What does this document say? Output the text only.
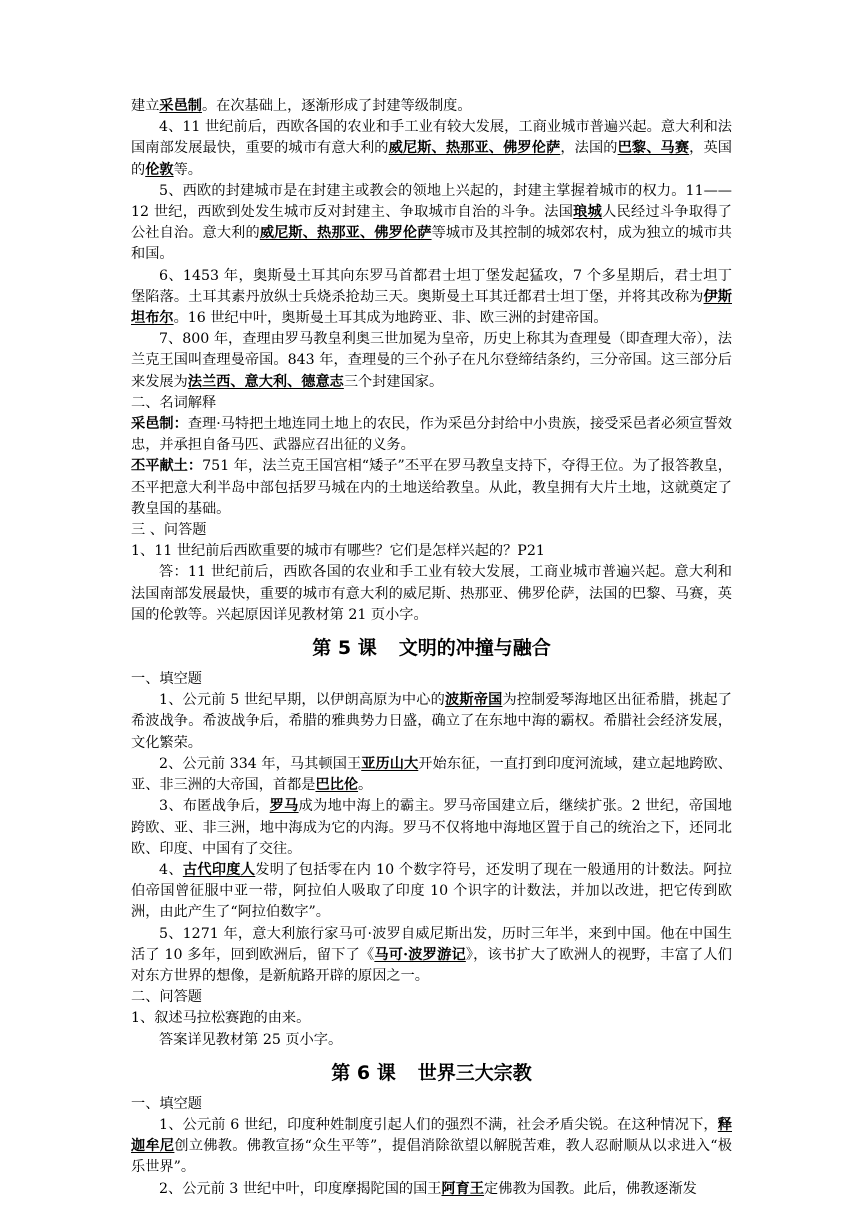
建立采邑制。在次基础上，逐渐形成了封建等级制度。

4、11 世纪前后，西欧各国的农业和手工业有较大发展，工商业城市普遍兴起。意大利和法国南部发展最快，重要的城市有意大利的威尼斯、热那亚、佛罗伦萨，法国的巴黎、马赛，英国的伦敦等。

5、西欧的封建城市是在封建主或教会的领地上兴起的，封建主掌握着城市的权力。11——12 世纪，西欧到处发生城市反对封建主、争取城市自治的斗争。法国琅城人民经过斗争取得了公社自治。意大利的威尼斯、热那亚、佛罗伦萨等城市及其控制的城郊农村，成为独立的城市共和国。

6、1453 年，奥斯曼土耳其向东罗马首都君士坦丁堡发起猛攻，7 个多星期后，君士坦丁堡陷落。土耳其素丹放纵士兵烧杀抢劫三天。奥斯曼土耳其迁都君士坦丁堡，并将其改称为伊斯坦布尔。16 世纪中叶，奥斯曼土耳其成为地跨亚、非、欧三洲的封建帝国。

7、800 年，查理由罗马教皇利奥三世加冕为皇帝，历史上称其为查理曼（即查理大帝），法兰克王国叫查理曼帝国。843 年，查理曼的三个孙子在凡尔登缔结条约，三分帝国。这三部分后来发展为法兰西、意大利、德意志三个封建国家。

二、名词解释

采邑制：查理·马特把土地连同土地上的农民，作为采邑分封给中小贵族，接受采邑者必须宣誓效忠，并承担自备马匹、武器应召出征的义务。

丕平献土：751 年，法兰克王国宫相“矮子”丕平在罗马教皇支持下，夺得王位。为了报答教皇，丕平把意大利半岛中部包括罗马城在内的土地送给教皇。从此，教皇拥有大片土地，这就奠定了教皇国的基础。

三 、问答题

1、11 世纪前后西欧重要的城市有哪些？它们是怎样兴起的？P21

答：11 世纪前后，西欧各国的农业和手工业有较大发展，工商业城市普遍兴起。意大利和法国南部发展最快，重要的城市有意大利的威尼斯、热那亚、佛罗伦萨，法国的巴黎、马赛，英国的伦敦等。兴起原因详见教材第 21 页小字。

第 5 课 文明的冲撞与融合

一、填空题

1、公元前 5 世纪早期，以伊朗高原为中心的波斯帝国为控制爱琴海地区出征希腊，挑起了希波战争。希波战争后，希腊的雅典势力日盛，确立了在东地中海的霸权。希腊社会经济发展，文化繁荣。

2、公元前 334 年，马其顿国王亚历山大开始东征，一直打到印度河流域，建立起地跨欧、亚、非三洲的大帝国，首都是巴比伦。

3、布匿战争后，罗马成为地中海上的霸主。罗马帝国建立后，继续扩张。2 世纪，帝国地跨欧、亚、非三洲，地中海成为它的内海。罗马不仅将地中海地区置于自己的统治之下，还同北欧、印度、中国有了交往。

4、古代印度人发明了包括零在内 10 个数字符号，还发明了现在一般通用的计数法。阿拉伯帝国曾征服中亚一带，阿拉伯人吸取了印度 10 个识字的计数法，并加以改进，把它传到欧洲，由此产生了“阿拉伯数字”。

5、1271 年，意大利旅行家马可·波罗自威尼斯出发，历时三年半，来到中国。他在中国生活了 10 多年，回到欧洲后，留下了《马可·波罗游记》，该书扩大了欧洲人的视野，丰富了人们对东方世界的想像，是新航路开辟的原因之一。

二、问答题

1、叙述马拉松赛跑的由来。

答案详见教材第 25 页小字。

第 6 课 世界三大宗教

一、填空题

1、公元前 6 世纪，印度种姓制度引起人们的强烈不满，社会矛盾尖锐。在这种情况下，释迦牟尼创立佛教。佛教宣扬“众生平等”，提倡消除欲望以解脱苦难，教人忍耐顺从以求进入“极乐世界”。

2、公元前 3 世纪中叶，印度摩揭陀国的国王阿育王定佛教为国教。此后，佛教逐渐发
